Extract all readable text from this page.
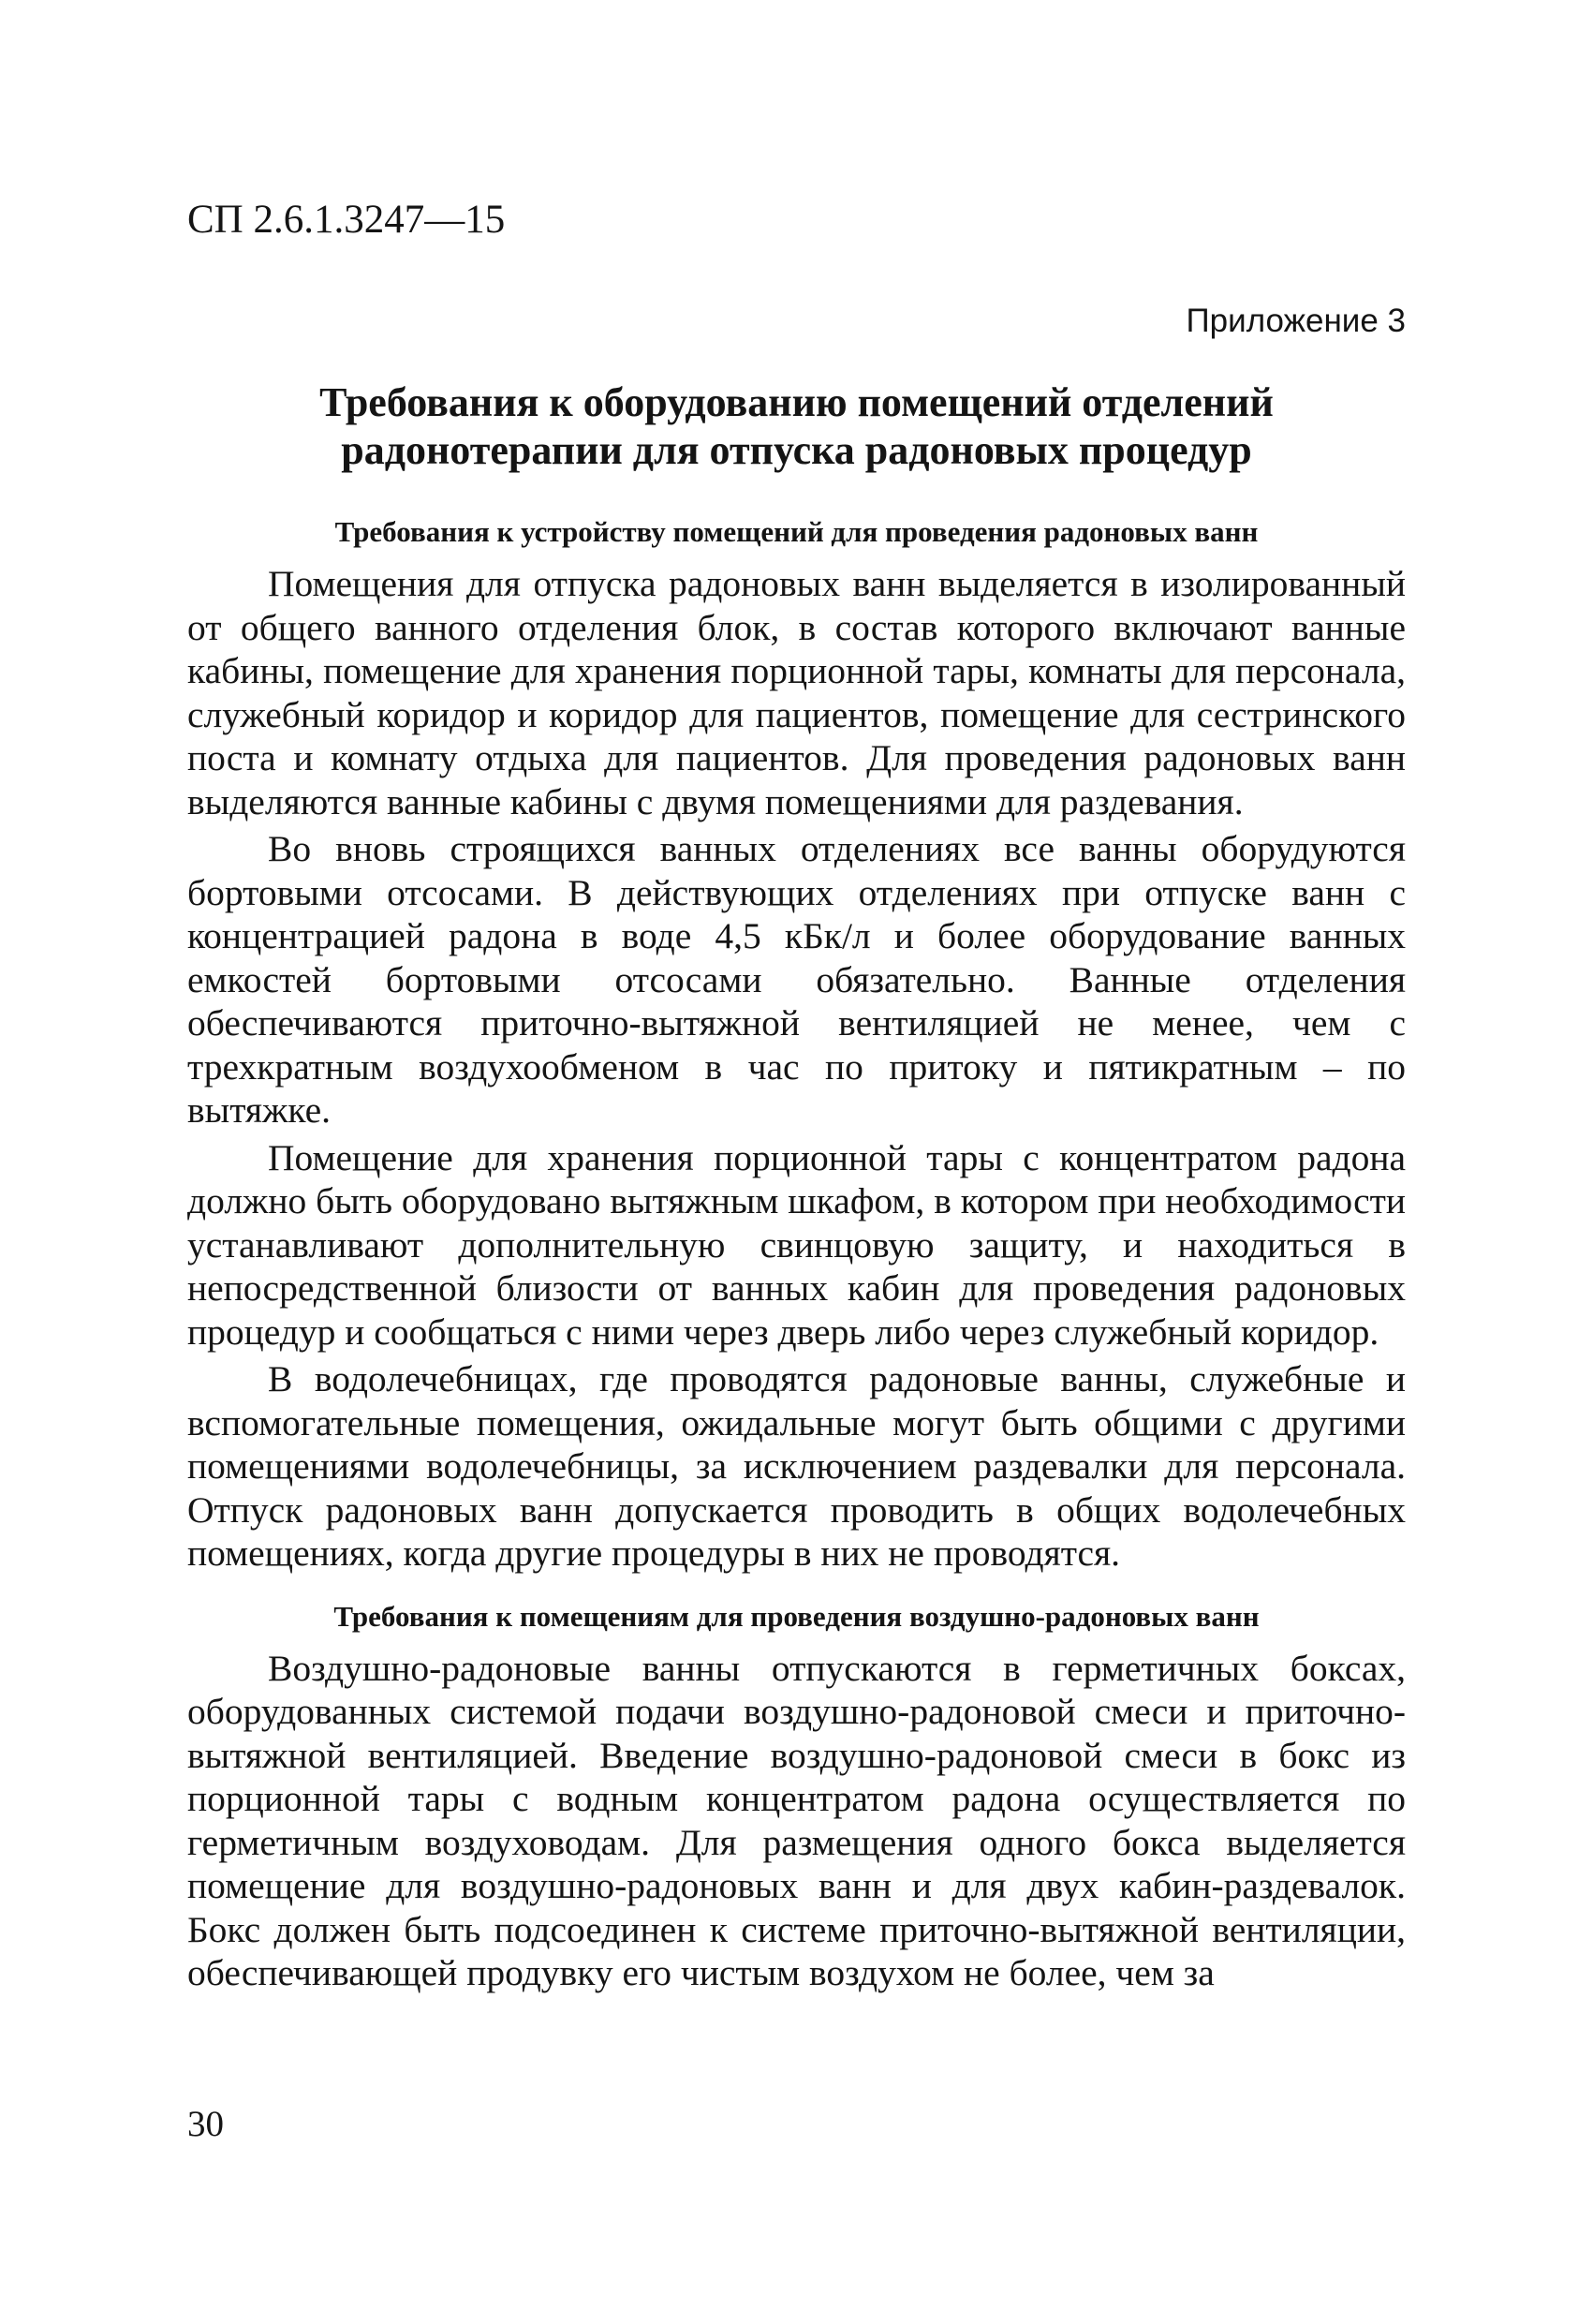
СП 2.6.1.3247—15

Приложение 3

Требования к оборудованию помещений отделений
радонотерапии для отпуска радоновых процедур
Требования к устройству помещений для проведения радоновых ванн

Помещения для отпуска радоновых ванн выделяется в изолированный от общего ванного отделения блок, в состав которого включают ванные кабины, помещение для хранения порционной тары, комнаты для персонала, служебный коридор и коридор для пациентов, помещение для сестринского поста и комнату отдыха для пациентов. Для проведения радоновых ванн выделяются ванные кабины с двумя помещениями для раздевания.

Во вновь строящихся ванных отделениях все ванны оборудуются бортовыми отсосами. В действующих отделениях при отпуске ванн с концентрацией радона в воде 4,5 кБк/л и более оборудование ванных емкостей бортовыми отсосами обязательно. Ванные отделения обеспечиваются приточно-вытяжной вентиляцией не менее, чем с трехкратным воздухообменом в час по притоку и пятикратным – по вытяжке.

Помещение для хранения порционной тары с концентратом радона должно быть оборудовано вытяжным шкафом, в котором при необходимости устанавливают дополнительную свинцовую защиту, и находиться в непосредственной близости от ванных кабин для проведения радоновых процедур и сообщаться с ними через дверь либо через служебный коридор.

В водолечебницах, где проводятся радоновые ванны, служебные и вспомогательные помещения, ожидальные могут быть общими с другими помещениями водолечебницы, за исключением раздевалки для персонала. Отпуск радоновых ванн допускается проводить в общих водолечебных помещениях, когда другие процедуры в них не проводятся.

Требования к помещениям для проведения воздушно-радоновых ванн

Воздушно-радоновые ванны отпускаются в герметичных боксах, оборудованных системой подачи воздушно-радоновой смеси и приточно-вытяжной вентиляцией. Введение воздушно-радоновой смеси в бокс из порционной тары с водным концентратом радона осуществляется по герметичным воздуховодам. Для размещения одного бокса выделяется помещение для воздушно-радоновых ванн и для двух кабин-раздевалок. Бокс должен быть подсоединен к системе приточно-вытяжной вентиляции, обеспечивающей продувку его чистым воздухом не более, чем за

30
